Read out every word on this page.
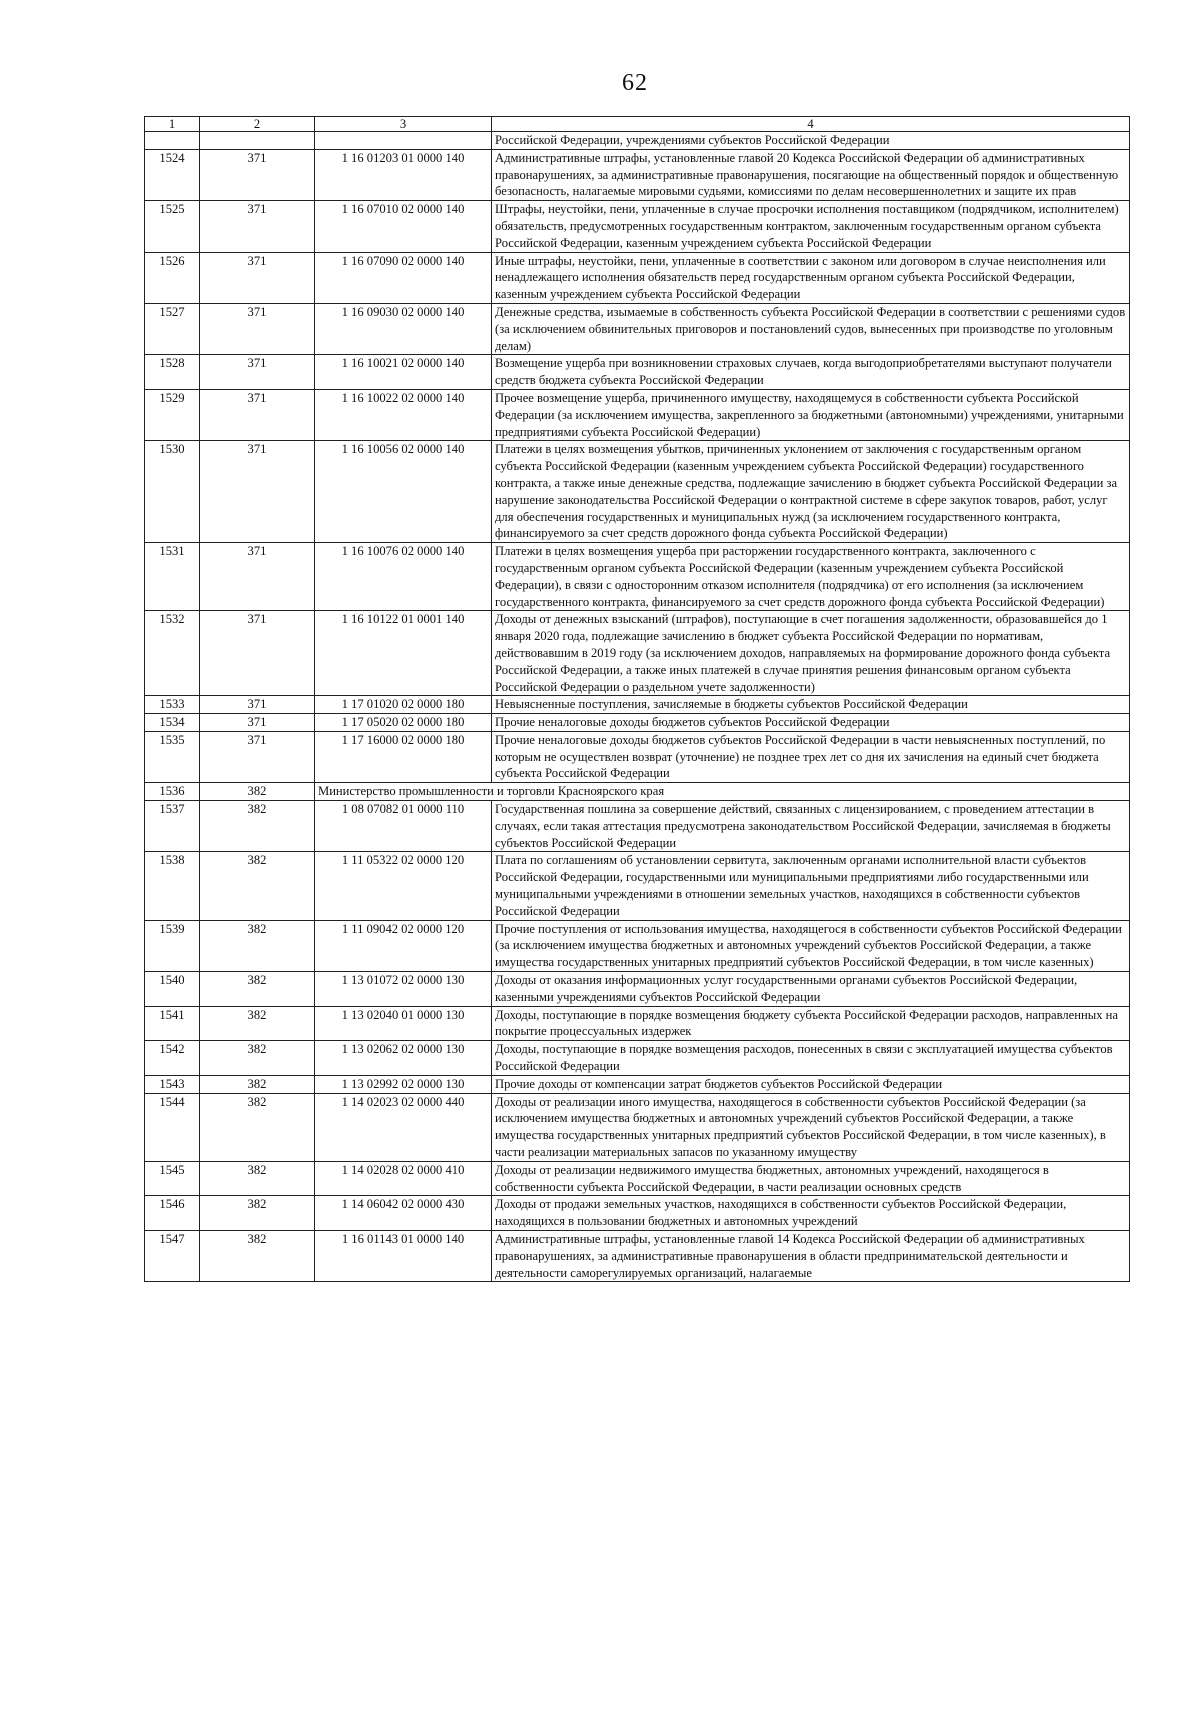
62
1	2	3	4
			Российской Федерации, учреждениями субъектов Российской Федерации
1524	371	1 16 01203 01 0000 140	Административные штрафы, установленные главой 20 Кодекса Российской Федерации об административных правонарушениях, за административные правонарушения, посягающие на общественный порядок и общественную безопасность, налагаемые мировыми судьями, комиссиями по делам несовершеннолетних и защите их прав
1525	371	1 16 07010 02 0000 140	Штрафы, неустойки, пени, уплаченные в случае просрочки исполнения поставщиком (подрядчиком, исполнителем) обязательств, предусмотренных государственным контрактом, заключенным государственным органом субъекта Российской Федерации, казенным учреждением субъекта Российской Федерации
1526	371	1 16 07090 02 0000 140	Иные штрафы, неустойки, пени, уплаченные в соответствии с законом или договором в случае неисполнения или ненадлежащего исполнения обязательств перед государственным органом субъекта Российской Федерации, казенным учреждением субъекта Российской Федерации
1527	371	1 16 09030 02 0000 140	Денежные средства, изымаемые в собственность субъекта Российской Федерации в соответствии с решениями судов (за исключением обвинительных приговоров и постановлений судов, вынесенных при производстве по уголовным делам)
1528	371	1 16 10021 02 0000 140	Возмещение ущерба при возникновении страховых случаев, когда выгодоприобретателями выступают получатели средств бюджета субъекта Российской Федерации
1529	371	1 16 10022 02 0000 140	Прочее возмещение ущерба, причиненного имуществу, находящемуся в собственности субъекта Российской Федерации (за исключением имущества, закрепленного за бюджетными (автономными) учреждениями, унитарными предприятиями субъекта Российской Федерации)
1530	371	1 16 10056 02 0000 140	Платежи в целях возмещения убытков, причиненных уклонением от заключения с государственным органом субъекта Российской Федерации (казенным учреждением субъекта Российской Федерации) государственного контракта, а также иные денежные средства, подлежащие зачислению в бюджет субъекта Российской Федерации за нарушение законодательства Российской Федерации о контрактной системе в сфере закупок товаров, работ, услуг для обеспечения государственных и муниципальных нужд (за исключением государственного контракта, финансируемого за счет средств дорожного фонда субъекта Российской Федерации)
1531	371	1 16 10076 02 0000 140	Платежи в целях возмещения ущерба при расторжении государственного контракта, заключенного с государственным органом субъекта Российской Федерации (казенным учреждением субъекта Российской Федерации), в связи с односторонним отказом исполнителя (подрядчика) от его исполнения (за исключением государственного контракта, финансируемого за счет средств дорожного фонда субъекта Российской Федерации)
1532	371	1 16 10122 01 0001 140	Доходы от денежных взысканий (штрафов), поступающие в счет погашения задолженности, образовавшейся до 1 января 2020 года, подлежащие зачислению в бюджет субъекта Российской Федерации по нормативам, действовавшим в 2019 году (за исключением доходов, направляемых на формирование дорожного фонда субъекта Российской Федерации, а также иных платежей в случае принятия решения финансовым органом субъекта Российской Федерации о раздельном учете задолженности)
1533	371	1 17 01020 02 0000 180	Невыясненные поступления, зачисляемые в бюджеты субъектов Российской Федерации
1534	371	1 17 05020 02 0000 180	Прочие неналоговые доходы бюджетов субъектов Российской Федерации
1535	371	1 17 16000 02 0000 180	Прочие неналоговые доходы бюджетов субъектов Российской Федерации в части невыясненных поступлений, по которым не осуществлен возврат (уточнение) не позднее трех лет со дня их зачисления на единый счет бюджета субъекта Российской Федерации
1536	382	Министерство промышленности и торговли Красноярского края	
1537	382	1 08 07082 01 0000 110	Государственная пошлина за совершение действий, связанных с лицензированием, с проведением аттестации в случаях, если такая аттестация предусмотрена законодательством Российской Федерации, зачисляемая в бюджеты субъектов Российской Федерации
1538	382	1 11 05322 02 0000 120	Плата по соглашениям об установлении сервитута, заключенным органами исполнительной власти субъектов Российской Федерации, государственными или муниципальными предприятиями либо государственными или муниципальными учреждениями в отношении земельных участков, находящихся в собственности субъектов Российской Федерации
1539	382	1 11 09042 02 0000 120	Прочие поступления от использования имущества, находящегося в собственности субъектов Российской Федерации (за исключением имущества бюджетных и автономных учреждений субъектов Российской Федерации, а также имущества государственных унитарных предприятий субъектов Российской Федерации, в том числе казенных)
1540	382	1 13 01072 02 0000 130	Доходы от оказания информационных услуг государственными органами субъектов Российской Федерации, казенными учреждениями субъектов Российской Федерации
1541	382	1 13 02040 01 0000 130	Доходы, поступающие в порядке возмещения бюджету субъекта Российской Федерации расходов, направленных на покрытие процессуальных издержек
1542	382	1 13 02062 02 0000 130	Доходы, поступающие в порядке возмещения расходов, понесенных в связи с эксплуатацией имущества субъектов Российской Федерации
1543	382	1 13 02992 02 0000 130	Прочие доходы от компенсации затрат бюджетов субъектов Российской Федерации
1544	382	1 14 02023 02 0000 440	Доходы от реализации иного имущества, находящегося в собственности субъектов Российской Федерации (за исключением имущества бюджетных и автономных учреждений субъектов Российской Федерации, а также имущества государственных унитарных предприятий субъектов Российской Федерации, в том числе казенных), в части реализации материальных запасов по указанному имуществу
1545	382	1 14 02028 02 0000 410	Доходы от реализации недвижимого имущества бюджетных, автономных учреждений, находящегося в собственности субъекта Российской Федерации, в части реализации основных средств
1546	382	1 14 06042 02 0000 430	Доходы от продажи земельных участков, находящихся в собственности субъектов Российской Федерации, находящихся в пользовании бюджетных и автономных учреждений
1547	382	1 16 01143 01 0000 140	Административные штрафы, установленные главой 14 Кодекса Российской Федерации об административных правонарушениях, за административные правонарушения в области предпринимательской деятельности и деятельности саморегулируемых организаций, налагаемые
